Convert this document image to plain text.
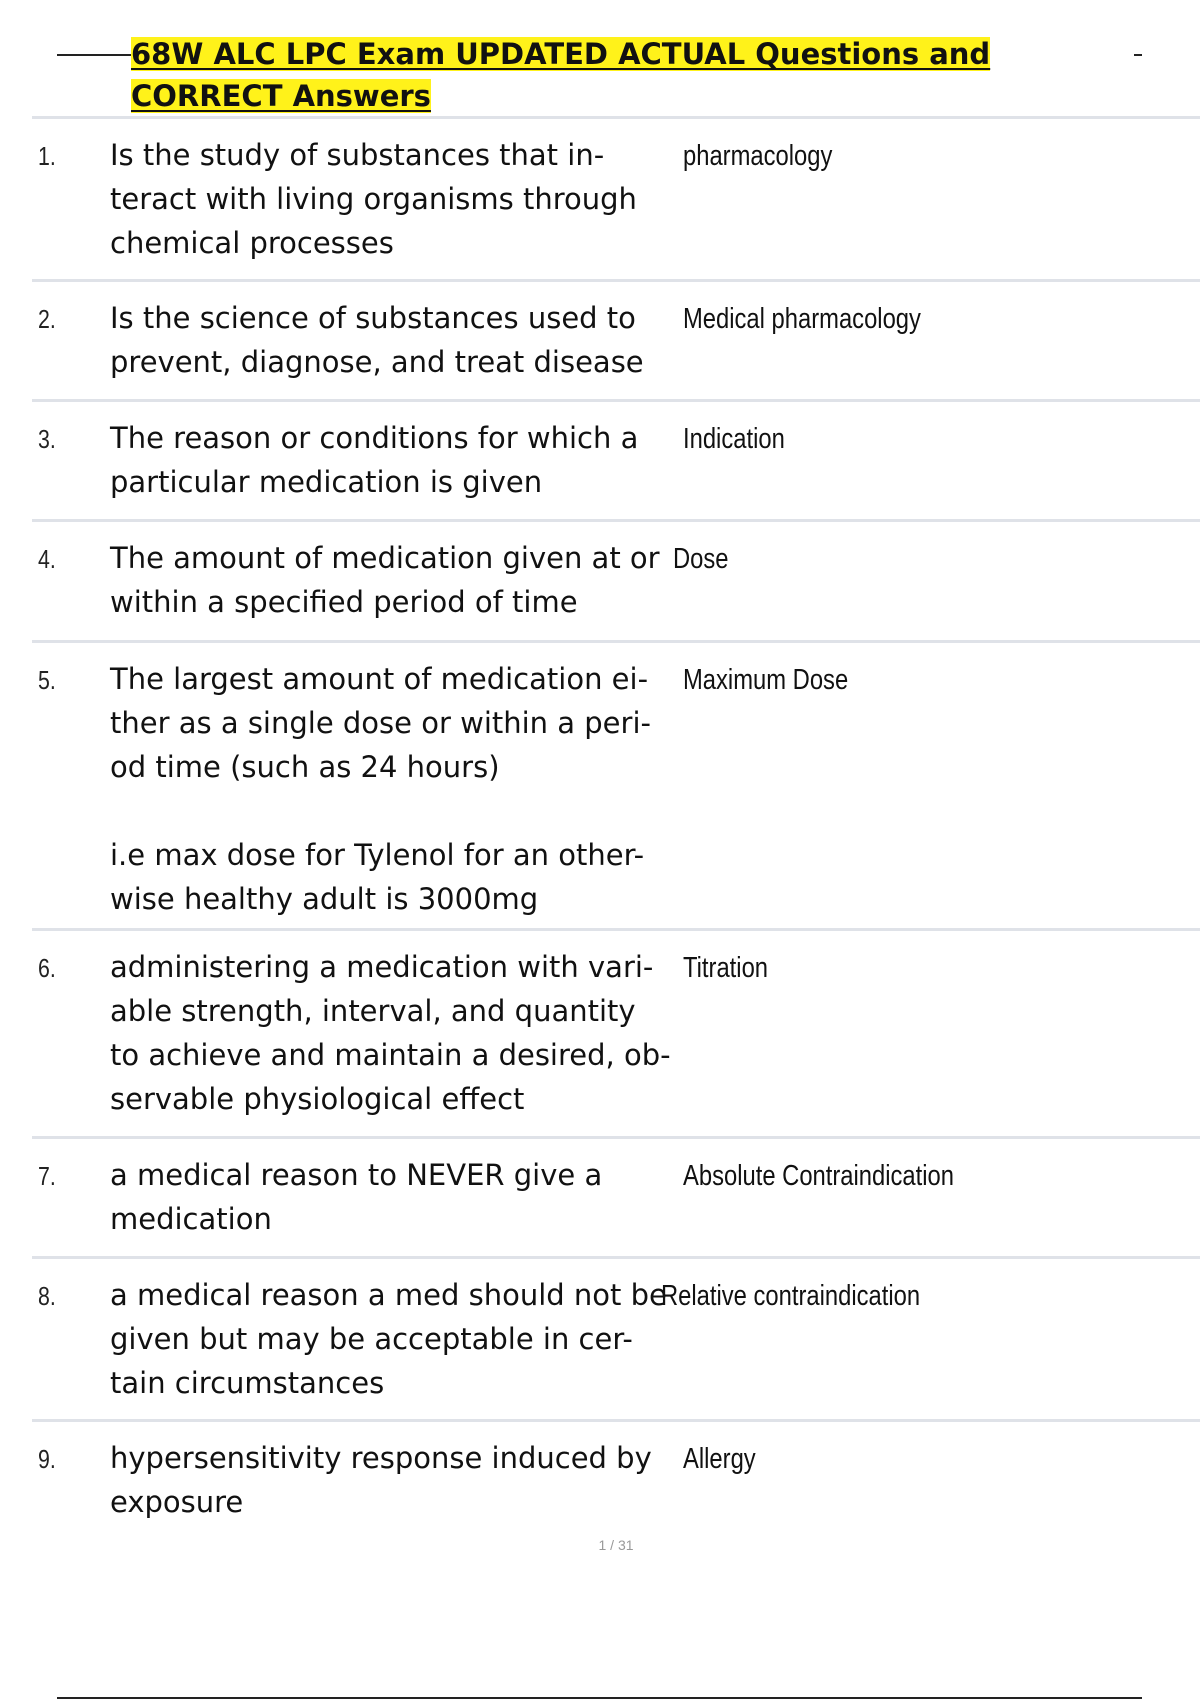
68W ALC LPC Exam UPDATED ACTUAL Questions and CORRECT Answers
1.	Is the study of substances that in-
teract with living organisms through
chemical processes
pharmacology
2.	Is the science of substances used to
prevent, diagnose, and treat disease
Medical pharmacology
3.	The reason or conditions for which a
particular medication is given
Indication
4.	The amount of medication given at or
within a specified period of time
Dose
5.	The largest amount of medication ei-
ther as a single dose or within a peri-
od time (such as 24 hours)

i.e max dose for Tylenol for an other-
wise healthy adult is 3000mg
Maximum Dose
6.	administering a medication with vari-
able strength, interval, and quantity
to achieve and maintain a desired, ob-
servable physiological effect
Titration
7.	a medical reason to NEVER give a
medication
Absolute Contraindication
8.	a medical reason a med should not be
given but may be acceptable in cer-
tain circumstances
Relative contraindication
9.	hypersensitivity response induced by
exposure
Allergy
1 / 31
